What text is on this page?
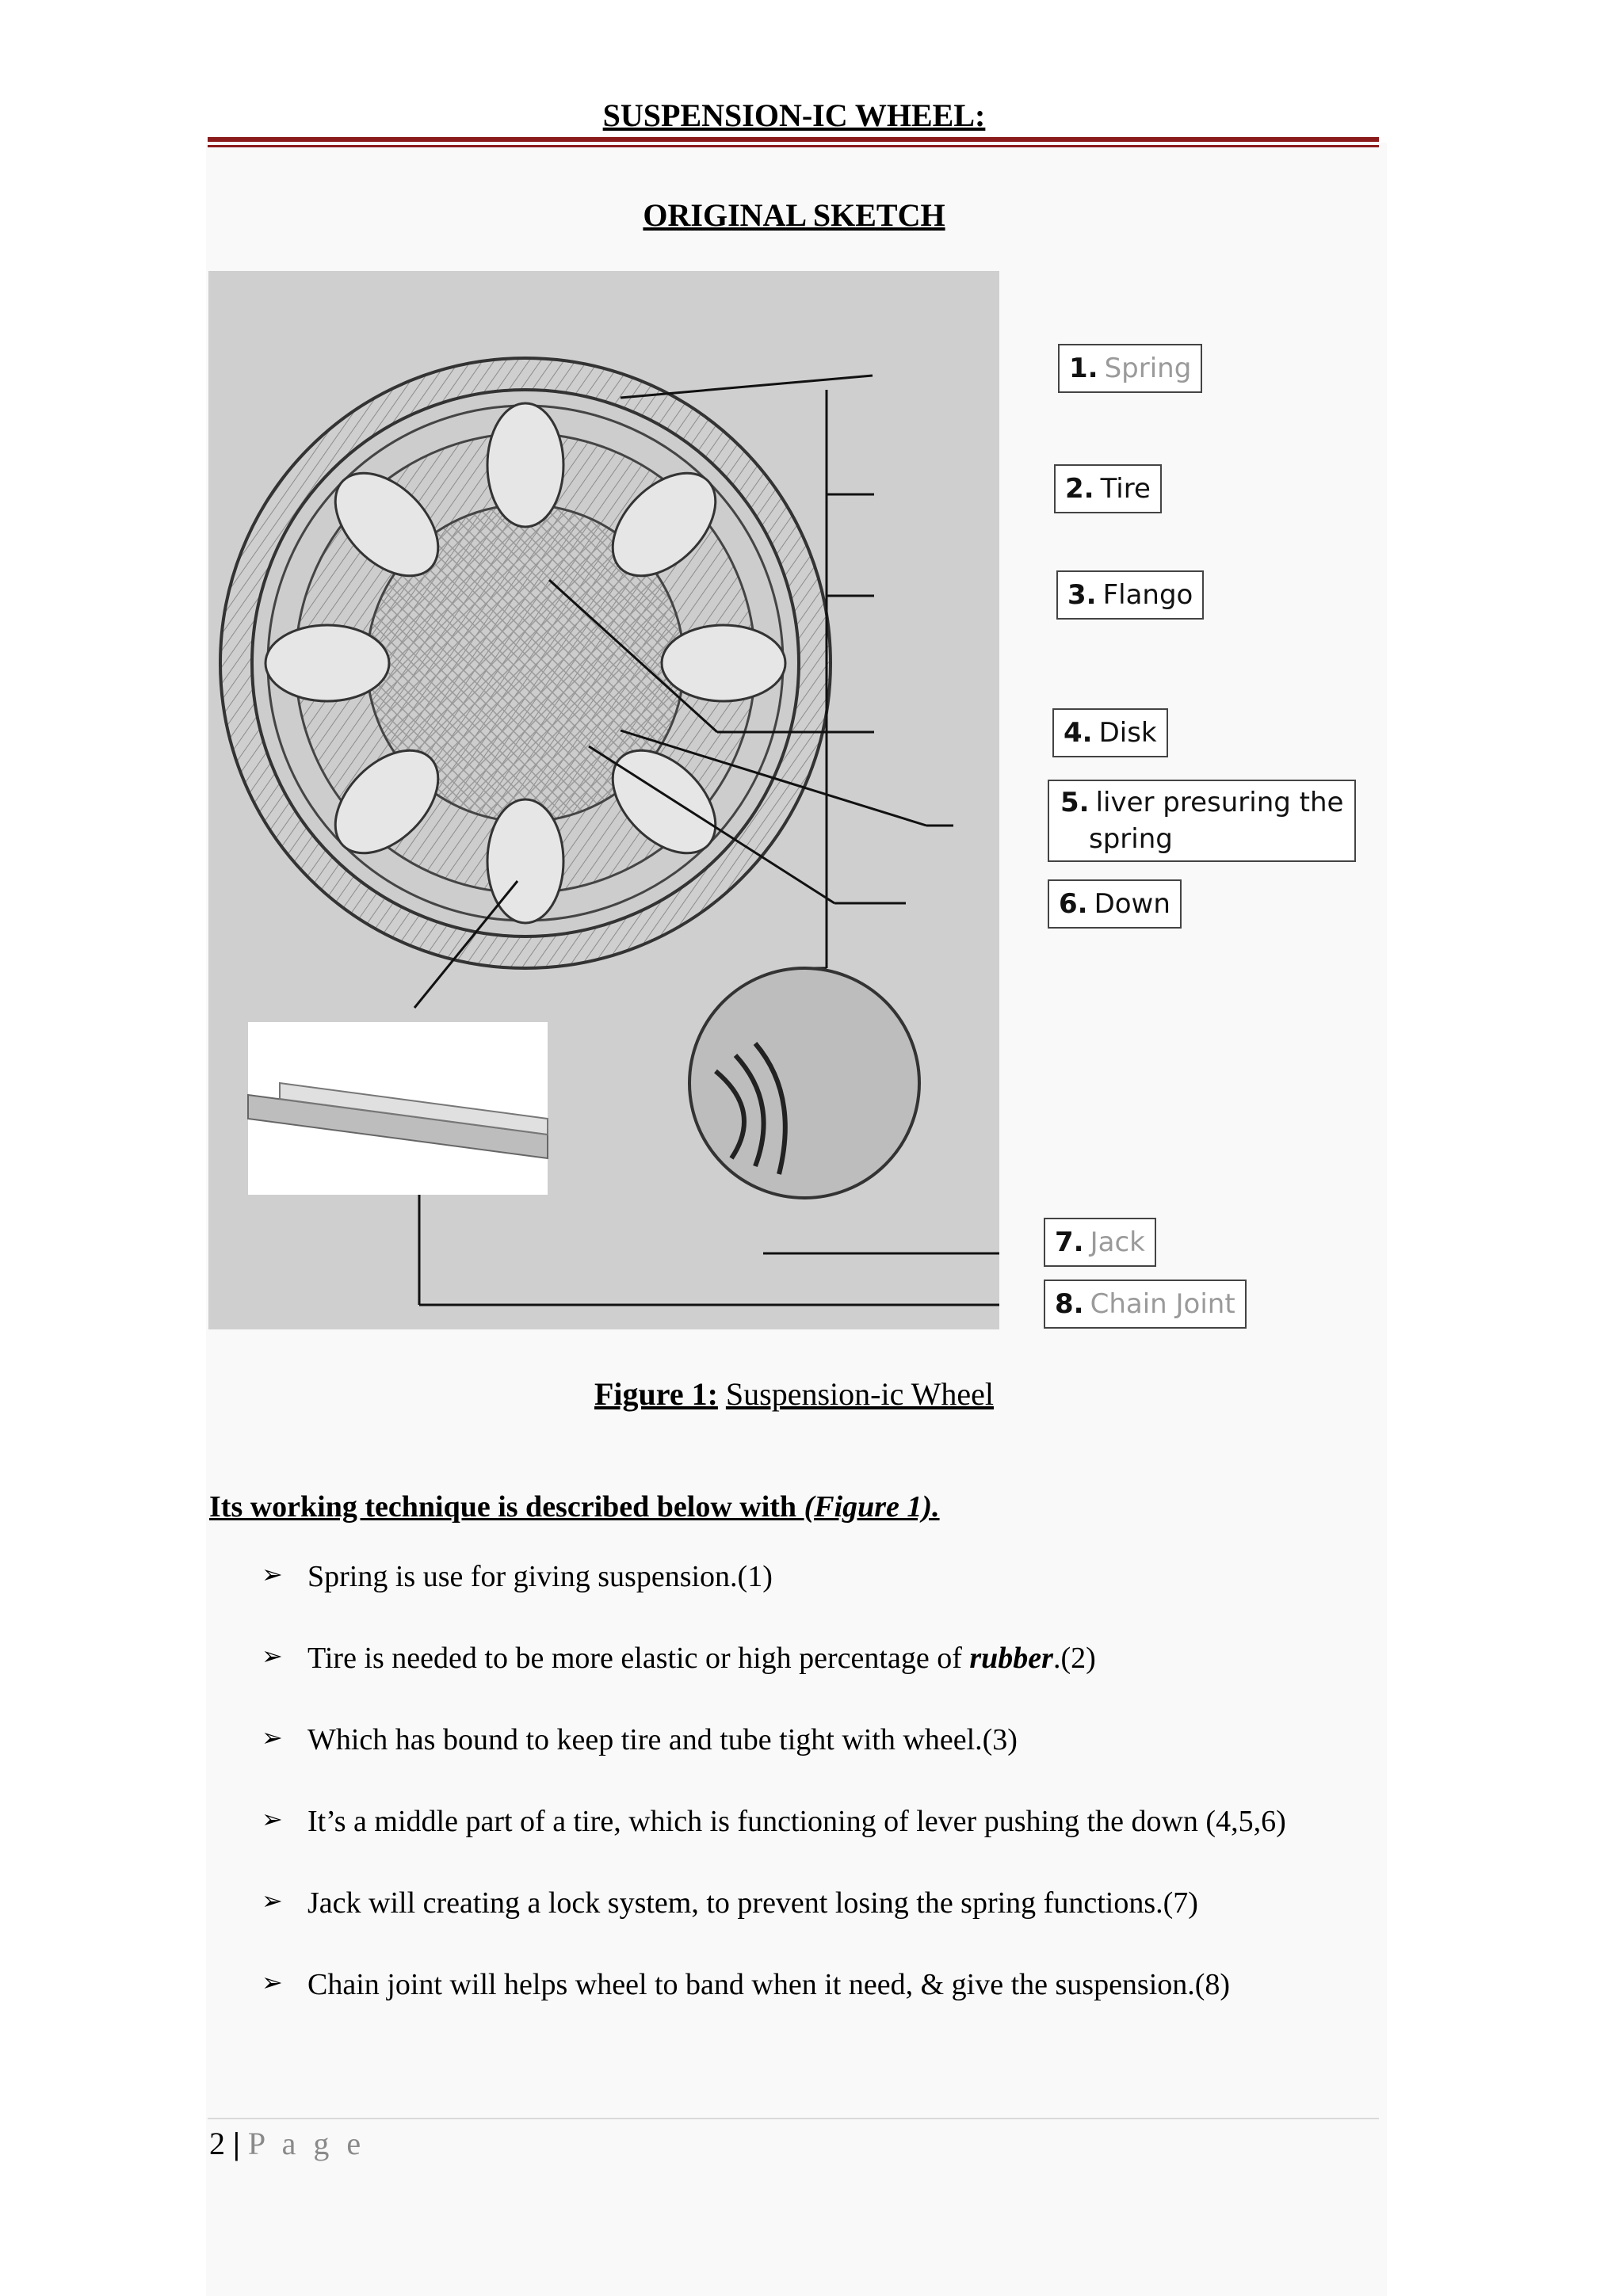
SUSPENSION-IC WHEEL:
ORIGINAL SKETCH
1. Spring
2. Tire
3. Flango
4. Disk
5. liver presuring the
spring
6. Down
7. Jack
8. Chain Joint
Figure 1: Suspension-ic Wheel
Its working technique is described below with (Figure 1).
➢ Spring is use for giving suspension.(1)
➢ Tire is needed to be more elastic or high percentage of rubber.(2)
➢ Which has bound to keep tire and tube tight with wheel.(3)
➢ It’s a middle part of a tire, which is functioning of lever pushing the down (4,5,6)
➢ Jack will creating a lock system, to prevent losing the spring functions.(7)
➢ Chain joint will helps wheel to band when it need, & give the suspension.(8)
2 | P a g e
